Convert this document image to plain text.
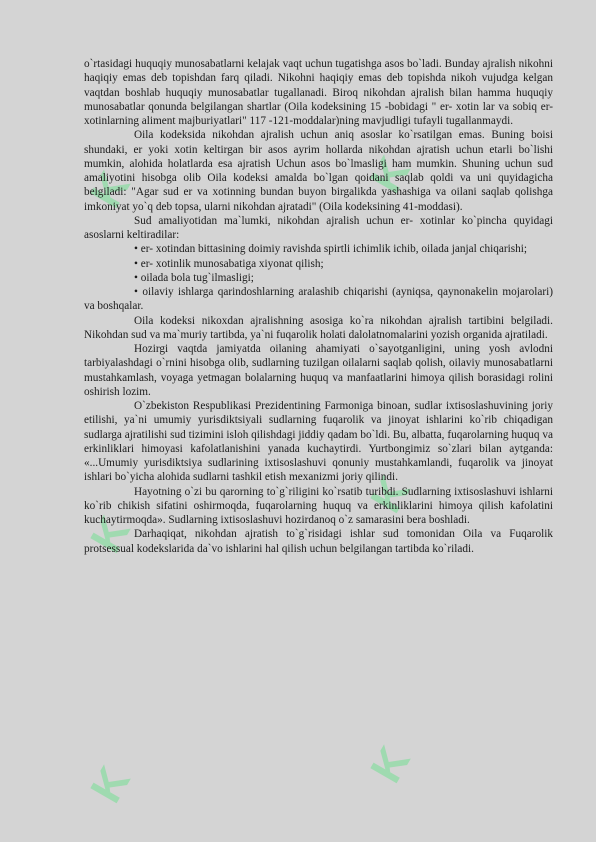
K	K
K
K
K	K

o`rtasidagi huquqiy munosabatlarni kelajak vaqt uchun tugatishga asos bo`ladi. Bunday ajralish nikohni haqiqiy emas deb topishdan farq qiladi. Nikohni haqiqiy emas deb topishda nikoh vujudga kelgan vaqtdan boshlab huquqiy munosabatlar tugallanadi. Biroq nikohdan ajralish bilan hamma huquqiy munosabatlar qonunda belgilangan shartlar (Oila kodeksining 15 -bobidagi " er- xotin lar va sobiq er-xotinlarning aliment majburiyatlari" 117 -121-moddalar)ning mavjudligi tufayli tugallanmaydi.

Oila kodeksida nikohdan ajralish uchun aniq asoslar ko`rsatilgan emas. Buning boisi shundaki, er yoki xotin keltirgan bir asos ayrim hollarda nikohdan ajratish uchun etarli bo`lishi mumkin, alohida holatlarda esa ajratish Uchun asos bo`lmasligi ham mumkin. Shuning uchun sud amaliyotini hisobga olib Oila kodeksi amalda bo`lgan qoidani saqlab qoldi va uni quyidagicha belgiladi: "Agar sud er va xotinning bundan buyon birgalikda yashashiga va oilani saqlab qolishga imkoniyat yo`q deb topsa, ularni nikohdan ajratadi" (Oila kodeksining 41-moddasi).

Sud amaliyotidan ma`lumki, nikohdan ajralish uchun er- xotinlar ko`pincha quyidagi asoslarni keltiradilar:

• er- xotindan bittasining doimiy ravishda spirtli ichimlik ichib, oilada janjal chiqarishi;

• er- xotinlik munosabatiga xiyonat qilish;

• oilada bola tug`ilmasligi;

• oilaviy ishlarga qarindoshlarning aralashib chiqarishi (ayniqsa, qaynonakelin mojarolari) va boshqalar.

Oila kodeksi nikoxdan ajralishning asosiga ko`ra nikohdan ajralish tartibini belgiladi. Nikohdan sud va ma`muriy tartibda, ya`ni fuqarolik holati dalolatnomalarini yozish organida ajratiladi.

Hozirgi vaqtda jamiyatda oilaning ahamiyati o`sayotganligini, uning yosh avlodni tarbiyalashdagi o`rnini hisobga olib, sudlarning tuzilgan oilalarni saqlab qolish, oilaviy munosabatlarni mustahkamlash, voyaga yetmagan bolalarning huquq va manfaatlarini himoya qilish borasidagi rolini oshirish lozim.

O`zbekiston Respublikasi Prezidentining Farmoniga binoan, sudlar ixtisoslashuvining joriy etilishi, ya`ni umumiy yurisdiktsiyali sudlarning fuqarolik va jinoyat ishlarini ko`rib chiqadigan sudlarga ajratilishi sud tizimini isloh qilishdagi jiddiy qadam bo`ldi. Bu, albatta, fuqarolarning huquq va erkinliklari himoyasi kafolatlanishini yanada kuchaytirdi. Yurtbongimiz so`zlari bilan aytganda: «...Umumiy yurisdiktsiya sudlarining ixtisoslashuvi qonuniy mustahkamlandi, fuqarolik va jinoyat ishlari bo`yicha alohida sudlarni tashkil etish mexanizmi joriy qilindi.

Hayotning o`zi bu qarorning to`g`riligini ko`rsatib turibdi. Sudlarning ixtisoslashuvi ishlarni ko`rib chikish sifatini oshirmoqda, fuqarolarning huquq va erkinliklarini himoya qilish kafolatini kuchaytirmoqda». Sudlarning ixtisoslashuvi hozirdanoq o`z samarasini bera boshladi.

Darhaqiqat, nikohdan ajratish to`g`risidagi ishlar sud tomonidan Oila va Fuqarolik protsessual kodekslarida da`vo ishlarini hal qilish uchun belgilangan tartibda ko`riladi.
